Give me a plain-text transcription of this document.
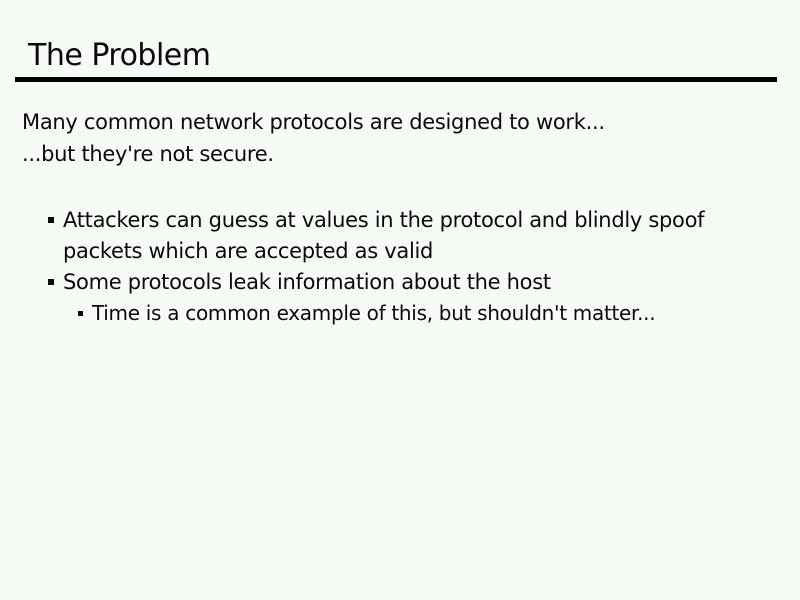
The Problem
Many common network protocols are designed to work...
...but they're not secure.
Attackers can guess at values in the protocol and blindly spoof
packets which are accepted as valid
Some protocols leak information about the host
Time is a common example of this, but shouldn't matter...
